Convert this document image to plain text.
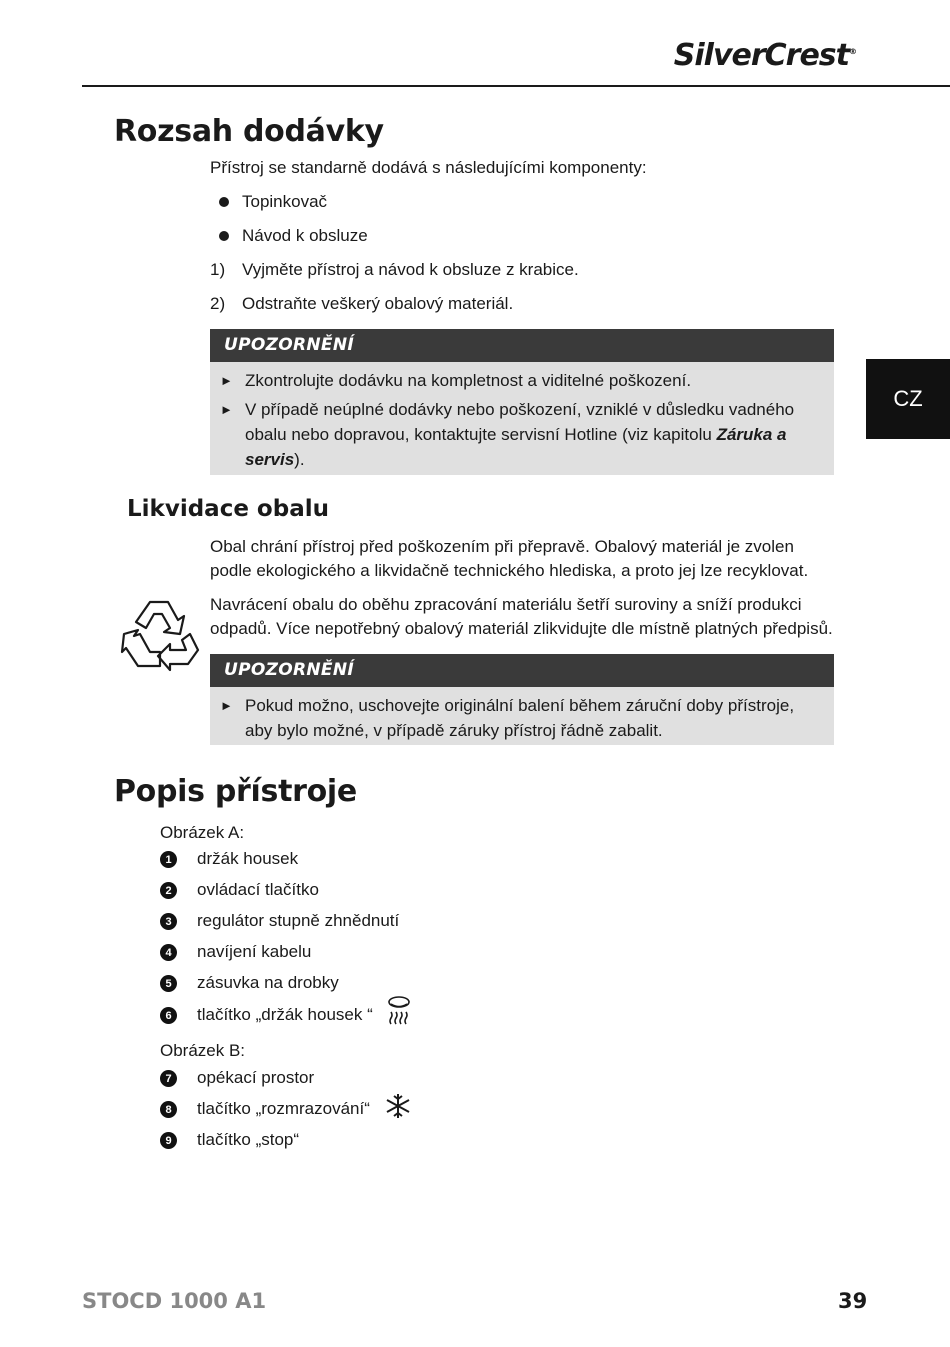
SilverCrest®
CZ
Rozsah dodávky
Přístroj se standarně dodává s následujícími komponenty:
Topinkovač
Návod k obsluze
1) Vyjměte přístroj a návod k obsluze z krabice.
2) Odstraňte veškerý obalový materiál.
UPOZORNĚNÍ
► Zkontrolujte dodávku na kompletnost a viditelné poškození.
► V případě neúplné dodávky nebo poškození, vzniklé v důsledku vadného obalu nebo dopravou, kontaktujte servisní Hotline (viz kapitolu Záruka a servis).
Likvidace obalu
Obal chrání přístroj před poškozením při přepravě. Obalový materiál je zvolen podle ekologického a likvidačně technického hlediska, a proto jej lze recyklovat.
Navrácení obalu do oběhu zpracování materiálu šetří suroviny a sníží produkci odpadů. Více nepotřebný obalový materiál zlikvidujte dle místně platných předpisů.
UPOZORNĚNÍ
► Pokud možno, uschovejte originální balení během záruční doby přístroje, aby bylo možné, v případě záruky přístroj řádně zabalit.
Popis přístroje
Obrázek A:
1	držák housek
2	ovládací tlačítko
3	regulátor stupně zhnědnutí
4	navíjení kabelu
5	zásuvka na drobky
6	tlačítko „držák housek “
Obrázek B:
7	opékací prostor
8	tlačítko „rozmrazování“
9	tlačítko „stop“
STOCD 1000 A1	39
